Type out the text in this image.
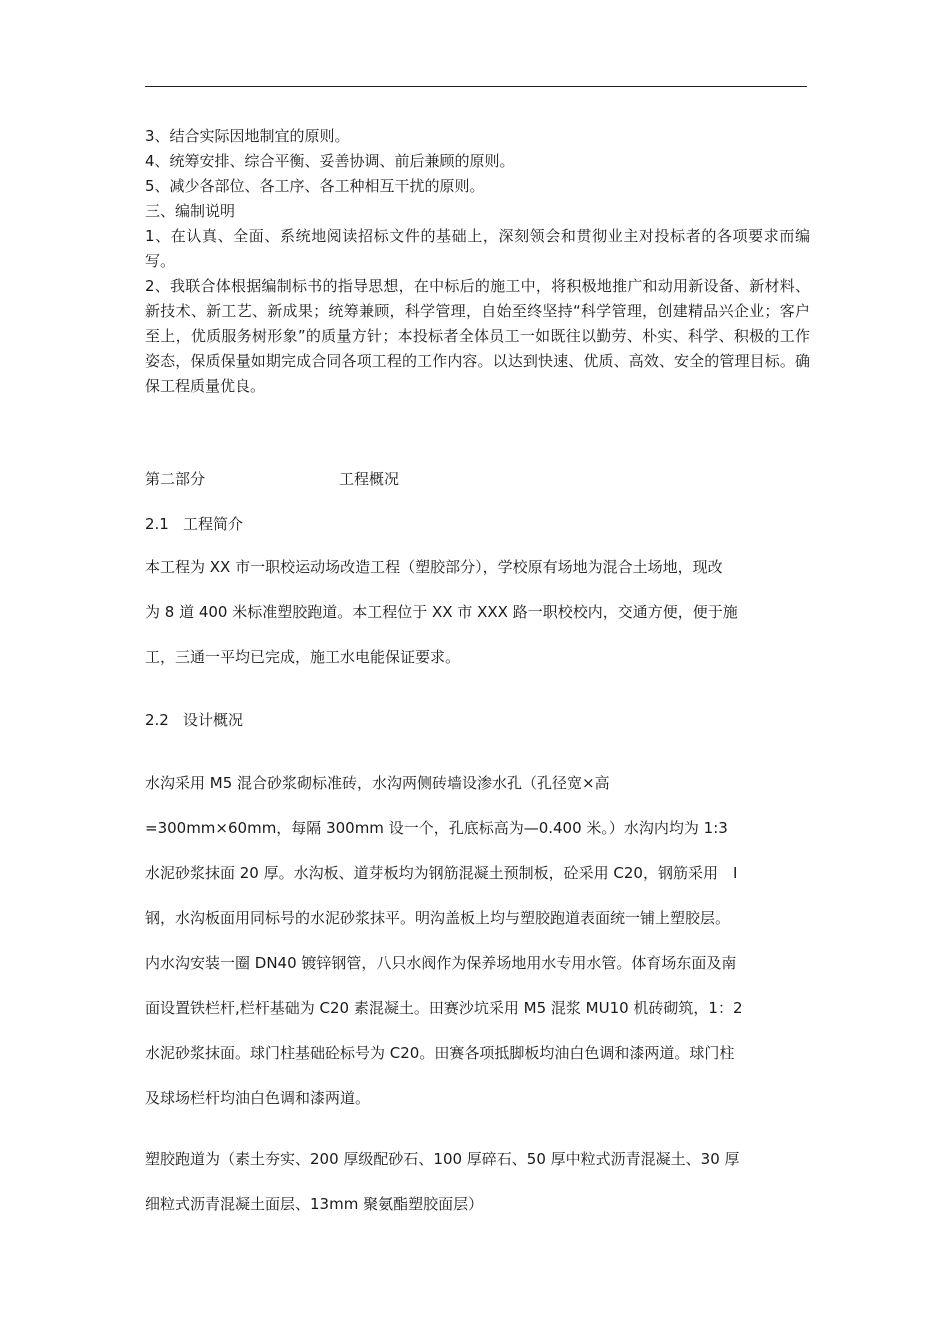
3、结合实际因地制宜的原则。

4、统筹安排、综合平衡、妥善协调、前后兼顾的原则。

5、减少各部位、各工序、各工种相互干扰的原则。

三、编制说明

1、在认真、全面、系统地阅读招标文件的基础上，深刻领会和贯彻业主对投标者的各项要求而编写。

2、我联合体根据编制标书的指导思想，在中标后的施工中，将积极地推广和动用新设备、新材料、新技术、新工艺、新成果；统筹兼顾，科学管理，自始至终坚持“科学管理，创建精品兴企业；客户至上，优质服务树形象”的质量方针；本投标者全体员工一如既往以勤劳、朴实、科学、积极的工作姿态，保质保量如期完成合同各项工程的工作内容。以达到快速、优质、高效、安全的管理目标。确保工程质量优良。

第二部分	工程概况
2.1 工程简介

本工程为 XX 市一职校运动场改造工程（塑胶部分），学校原有场地为混合土场地，现改

为 8 道 400 米标准塑胶跑道。本工程位于 XX 市 XXX 路一职校校内，交通方便，便于施

工，三通一平均已完成，施工水电能保证要求。

2.2 设计概况

水沟采用 M5 混合砂浆砌标准砖，水沟两侧砖墙设渗水孔（孔径宽×高

=300mm×60mm，每隔 300mm 设一个，孔底标高为—0.400 米。）水沟内均为 1:3

水泥砂浆抹面 20 厚。水沟板、道芽板均为钢筋混凝土预制板，砼采用 C20，钢筋采用　Ⅰ

钢，水沟板面用同标号的水泥砂浆抹平。明沟盖板上均与塑胶跑道表面统一铺上塑胶层。

内水沟安装一圈 DN40 镀锌钢管，八只水阀作为保养场地用水专用水管。体育场东面及南

面设置铁栏杆,栏杆基础为 C20 素混凝土。田赛沙坑采用 M5 混浆 MU10 机砖砌筑，1：2

水泥砂浆抹面。球门柱基础砼标号为 C20。田赛各项抵脚板均油白色调和漆两道。球门柱

及球场栏杆均油白色调和漆两道。

塑胶跑道为（素土夯实、200 厚级配砂石、100 厚碎石、50 厚中粒式沥青混凝土、30 厚

细粒式沥青混凝土面层、13mm 聚氨酯塑胶面层）
